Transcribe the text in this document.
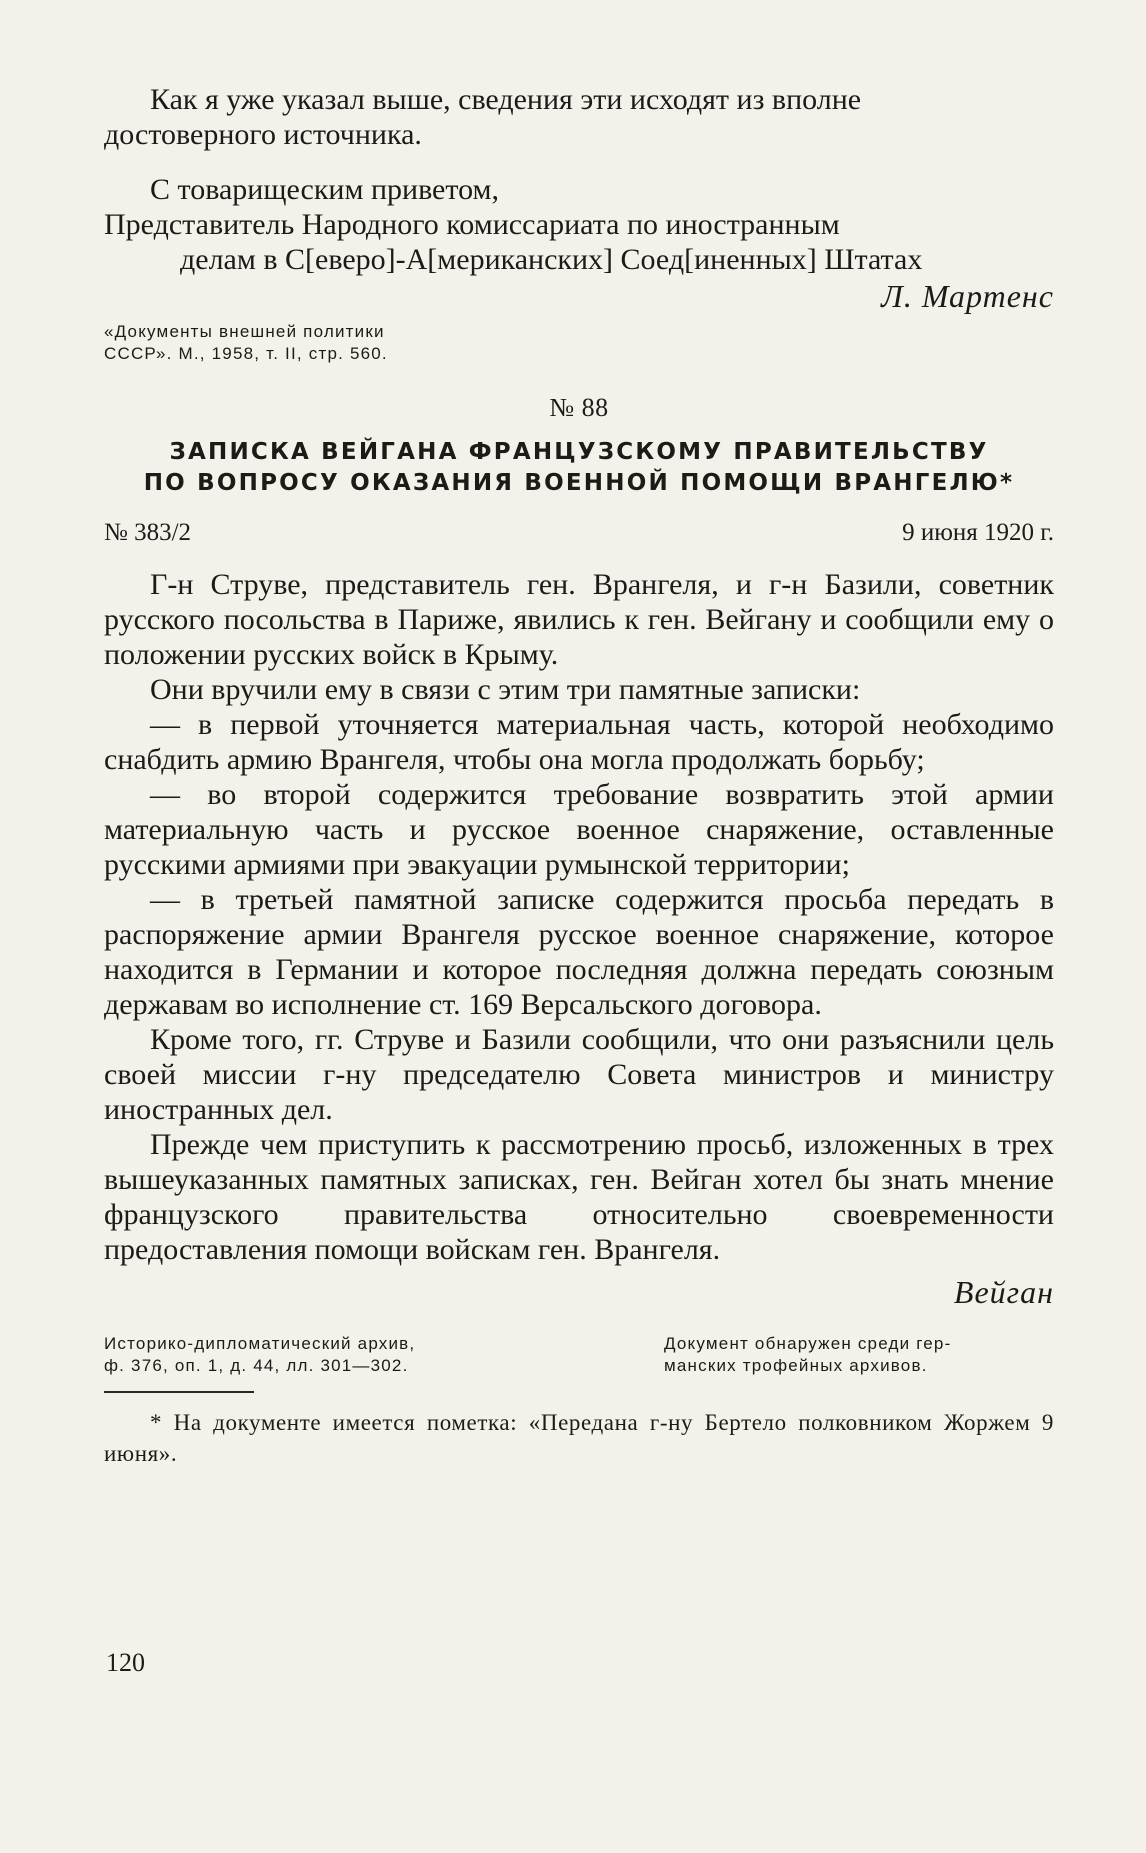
Как я уже указал выше, сведения эти исходят из вполне
достоверного источника.

С товарищеским приветом,

Представитель Народного комиссариата по иностранным
делам в С[еверо]-А[мериканских] Соед[иненных] Штатах
Л. Мартенс
«Документы внешней политики
СССР». М., 1958, т. II, стр. 560.
№ 88
ЗАПИСКА ВЕЙГАНА ФРАНЦУЗСКОМУ ПРАВИТЕЛЬСТВУ
ПО ВОПРОСУ ОКАЗАНИЯ ВОЕННОЙ ПОМОЩИ ВРАНГЕЛЮ*
№ 383/2	9 июня 1920 г.

Г-н Струве, представитель ген. Врангеля, и г-н Базили, советник русского посольства в Париже, явились к ген. Вейгану и сообщили ему о положении русских войск в Крыму.

Они вручили ему в связи с этим три памятные записки:

— в первой уточняется материальная часть, которой необходимо снабдить армию Врангеля, чтобы она могла продолжать борьбу;

— во второй содержится требование возвратить этой армии материальную часть и русское военное снаряжение, оставленные русскими армиями при эвакуации румынской территории;

— в третьей памятной записке содержится просьба передать в распоряжение армии Врангеля русское военное снаряжение, которое находится в Германии и которое последняя должна передать союзным державам во исполнение ст. 169 Версальского договора.

Кроме того, гг. Струве и Базили сообщили, что они разъяснили цель своей миссии г-ну председателю Совета министров и министру иностранных дел.

Прежде чем приступить к рассмотрению просьб, изложенных в трех вышеуказанных памятных записках, ген. Вейган хотел бы знать мнение французского правительства относительно своевременности предоставления помощи войскам ген. Врангеля.

Вейган
Историко-дипломатический архив,
ф. 376, оп. 1, д. 44, лл. 301—302.
Документ обнаружен среди гер-
манских трофейных архивов.

* На документе имеется пометка: «Передана г-ну Бертело полковником Жоржем 9 июня».

120
